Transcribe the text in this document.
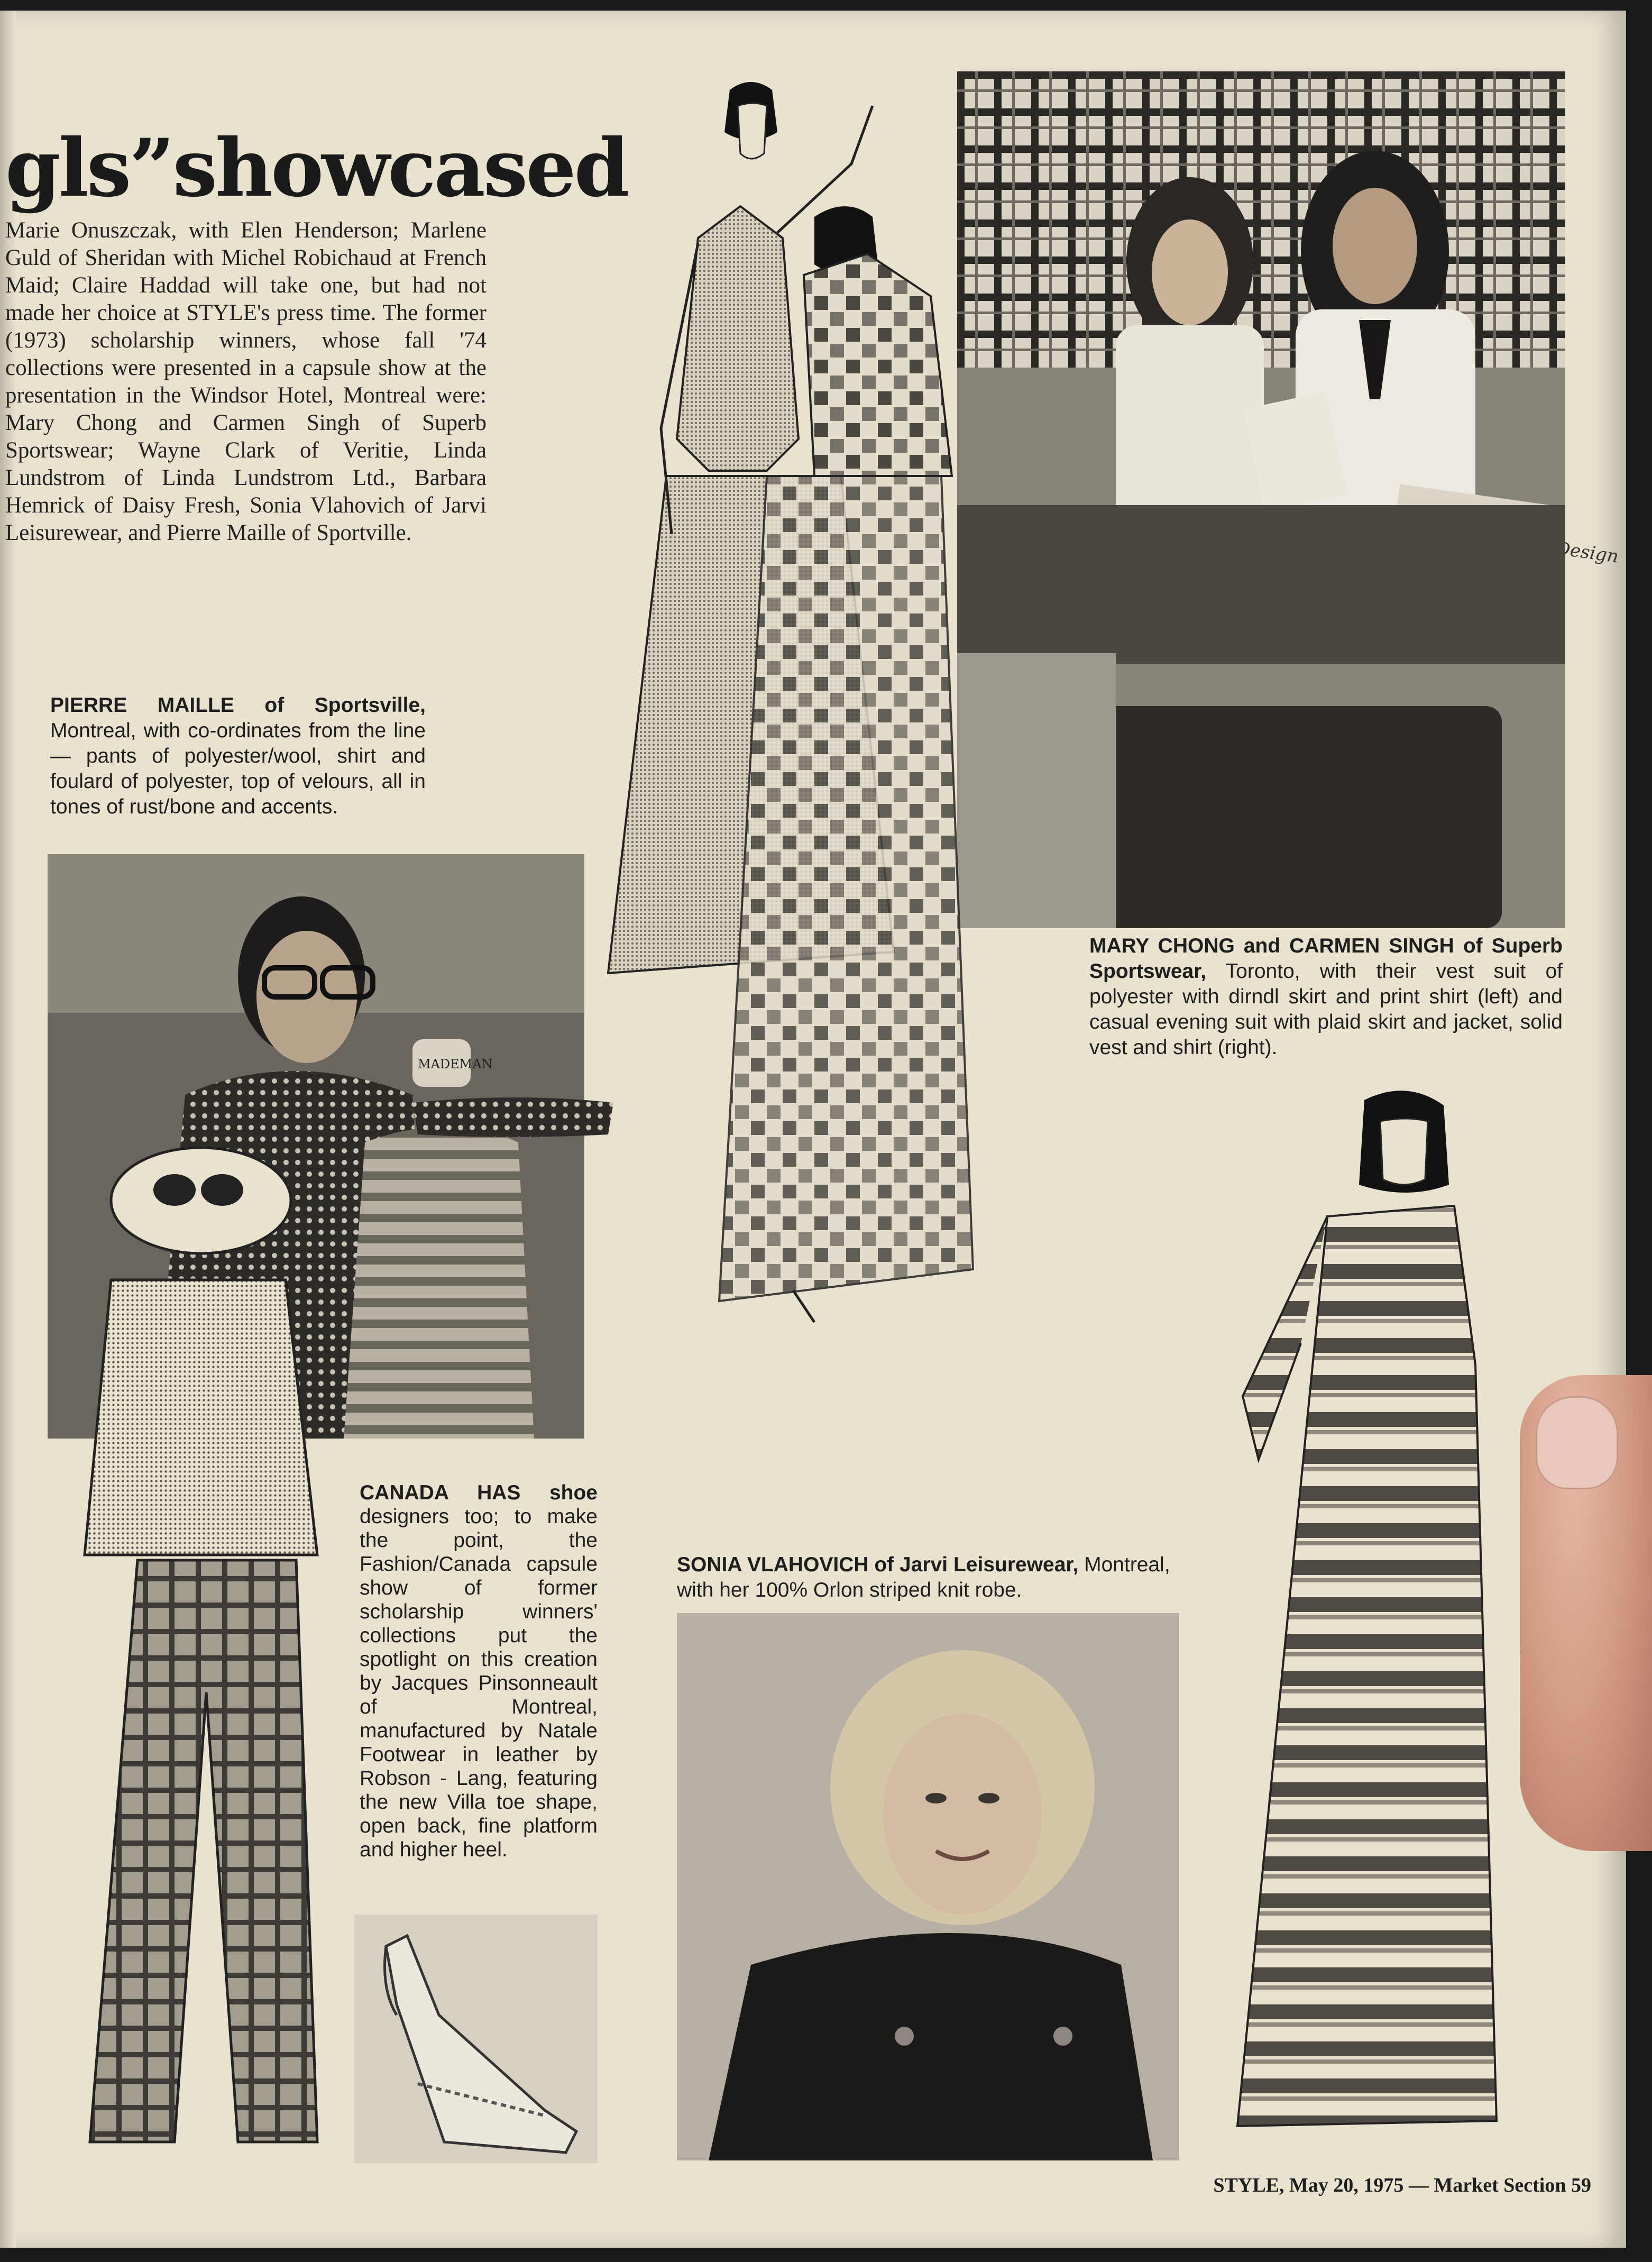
gls”showcased

Marie Onuszczak, with Elen Henderson; Marlene Guld of Sheridan with Michel Robichaud at French Maid; Claire Haddad will take one, but had not made her choice at STYLE's press time. The former (1973) scholarship winners, whose fall '74 collections were presented in a capsule show at the presentation in the Windsor Hotel, Montreal were: Mary Chong and Carmen Singh of Superb Sportswear; Wayne Clark of Veritie, Linda Lundstrom of Linda Lundstrom Ltd., Barbara Hemrick of Daisy Fresh, Sonia Vlahovich of Jarvi Leisurewear, and Pierre Maille of Sportville.

Design
MARY CHONG and CARMEN SINGH of Superb Sportswear, Toronto, with their vest suit of polyester with dirndl skirt and print shirt (left) and casual evening suit with plaid skirt and jacket, solid vest and shirt (right).
PIERRE MAILLE of Sportsville, Montreal, with co-ordinates from the line — pants of polyester/wool, shirt and foulard of polyester, top of velours, all in tones of rust/bone and accents.
MADEMAN
CANADA HAS shoe designers too; to make the point, the Fashion/Canada capsule show of former scholarship winners' collections put the spotlight on this creation by Jacques Pinsonneault of Montreal, manufactured by Natale Footwear in leather by Robson - Lang, featuring the new Villa toe shape, open back, fine platform and higher heel.
SONIA VLAHOVICH of Jarvi Leisurewear, Montreal, with her 100% Orlon striped knit robe.
STYLE, May 20, 1975 — Market Section 59
